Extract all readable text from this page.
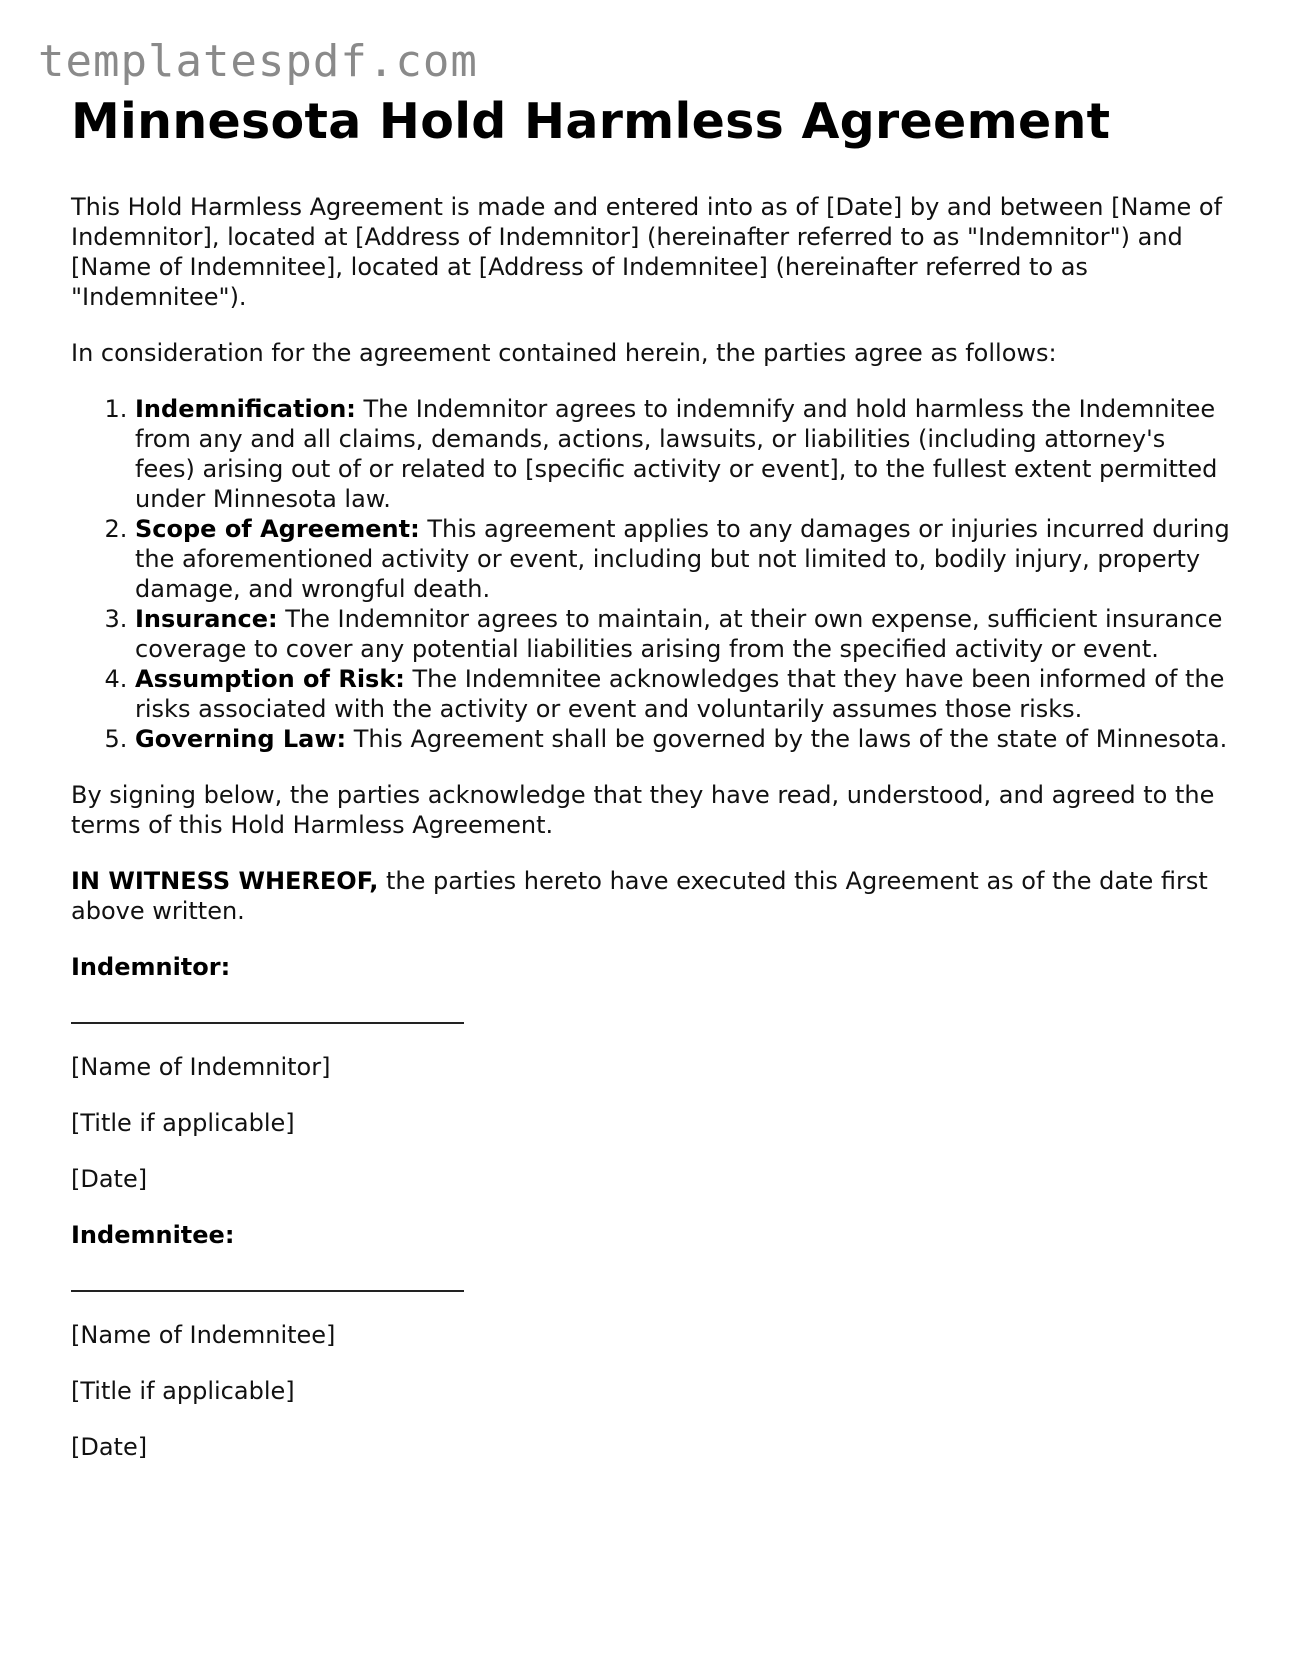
templatespdf.com
Minnesota Hold Harmless Agreement

This Hold Harmless Agreement is made and entered into as of [Date] by and between [Name of Indemnitor], located at [Address of Indemnitor] (hereinafter referred to as "Indemnitor") and [Name of Indemnitee], located at [Address of Indemnitee] (hereinafter referred to as "Indemnitee").

In consideration for the agreement contained herein, the parties agree as follows:

1. Indemnification: The Indemnitor agrees to indemnify and hold harmless the Indemnitee from any and all claims, demands, actions, lawsuits, or liabilities (including attorney's fees) arising out of or related to [specific activity or event], to the fullest extent permitted under Minnesota law.
2. Scope of Agreement: This agreement applies to any damages or injuries incurred during the aforementioned activity or event, including but not limited to, bodily injury, property damage, and wrongful death.
3. Insurance: The Indemnitor agrees to maintain, at their own expense, sufficient insurance coverage to cover any potential liabilities arising from the specified activity or event.
4. Assumption of Risk: The Indemnitee acknowledges that they have been informed of the risks associated with the activity or event and voluntarily assumes those risks.
5. Governing Law: This Agreement shall be governed by the laws of the state of Minnesota.

By signing below, the parties acknowledge that they have read, understood, and agreed to the terms of this Hold Harmless Agreement.

IN WITNESS WHEREOF, the parties hereto have executed this Agreement as of the date first above written.

Indemnitor:

[Name of Indemnitor]

[Title if applicable]

[Date]

Indemnitee:

[Name of Indemnitee]

[Title if applicable]

[Date]
